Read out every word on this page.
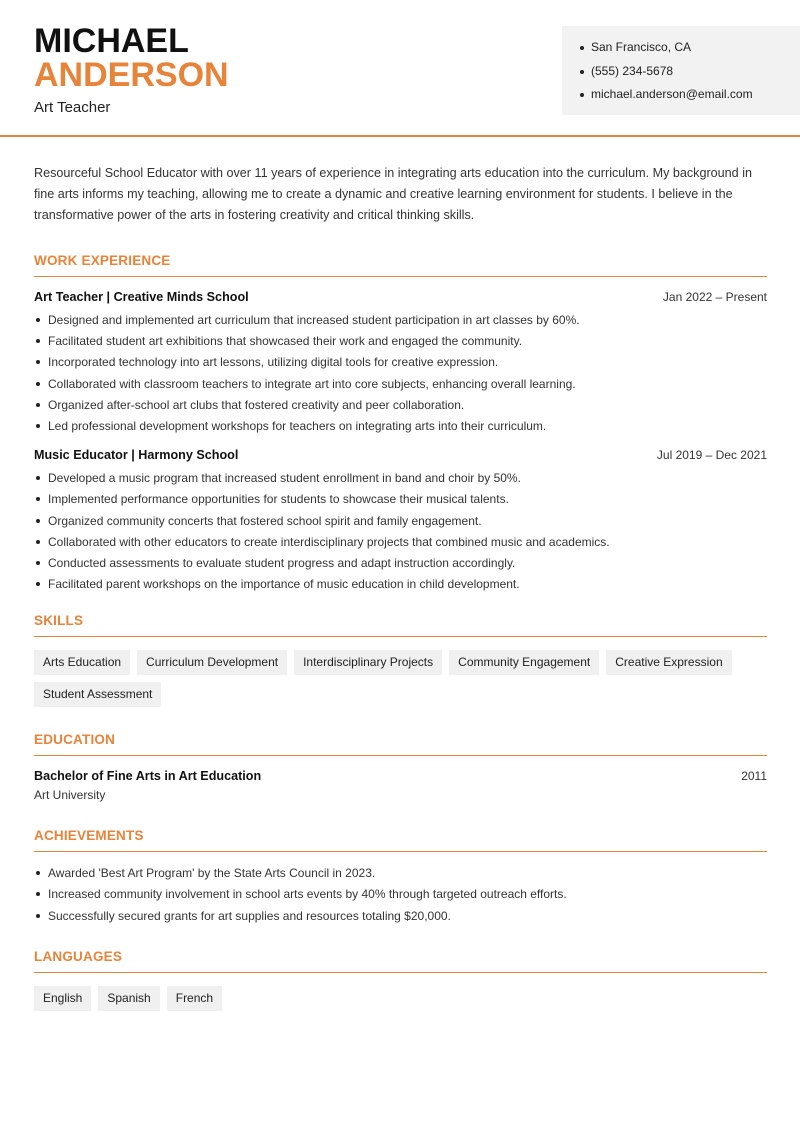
MICHAEL
ANDERSON
Art Teacher
San Francisco, CA
(555) 234-5678
michael.anderson@email.com

Resourceful School Educator with over 11 years of experience in integrating arts education into the curriculum. My background in fine arts informs my teaching, allowing me to create a dynamic and creative learning environment for students. I believe in the transformative power of the arts in fostering creativity and critical thinking skills.

WORK EXPERIENCE
Art Teacher | Creative Minds School	Jan 2022 – Present
Designed and implemented art curriculum that increased student participation in art classes by 60%.
Facilitated student art exhibitions that showcased their work and engaged the community.
Incorporated technology into art lessons, utilizing digital tools for creative expression.
Collaborated with classroom teachers to integrate art into core subjects, enhancing overall learning.
Organized after-school art clubs that fostered creativity and peer collaboration.
Led professional development workshops for teachers on integrating arts into their curriculum.
Music Educator | Harmony School	Jul 2019 – Dec 2021
Developed a music program that increased student enrollment in band and choir by 50%.
Implemented performance opportunities for students to showcase their musical talents.
Organized community concerts that fostered school spirit and family engagement.
Collaborated with other educators to create interdisciplinary projects that combined music and academics.
Conducted assessments to evaluate student progress and adapt instruction accordingly.
Facilitated parent workshops on the importance of music education in child development.
SKILLS
Arts Education	Curriculum Development	Interdisciplinary Projects	Community Engagement	Creative Expression
Student Assessment
EDUCATION
Bachelor of Fine Arts in Art Education	2011
Art University
ACHIEVEMENTS
Awarded 'Best Art Program' by the State Arts Council in 2023.
Increased community involvement in school arts events by 40% through targeted outreach efforts.
Successfully secured grants for art supplies and resources totaling $20,000.
LANGUAGES
English	Spanish	French
